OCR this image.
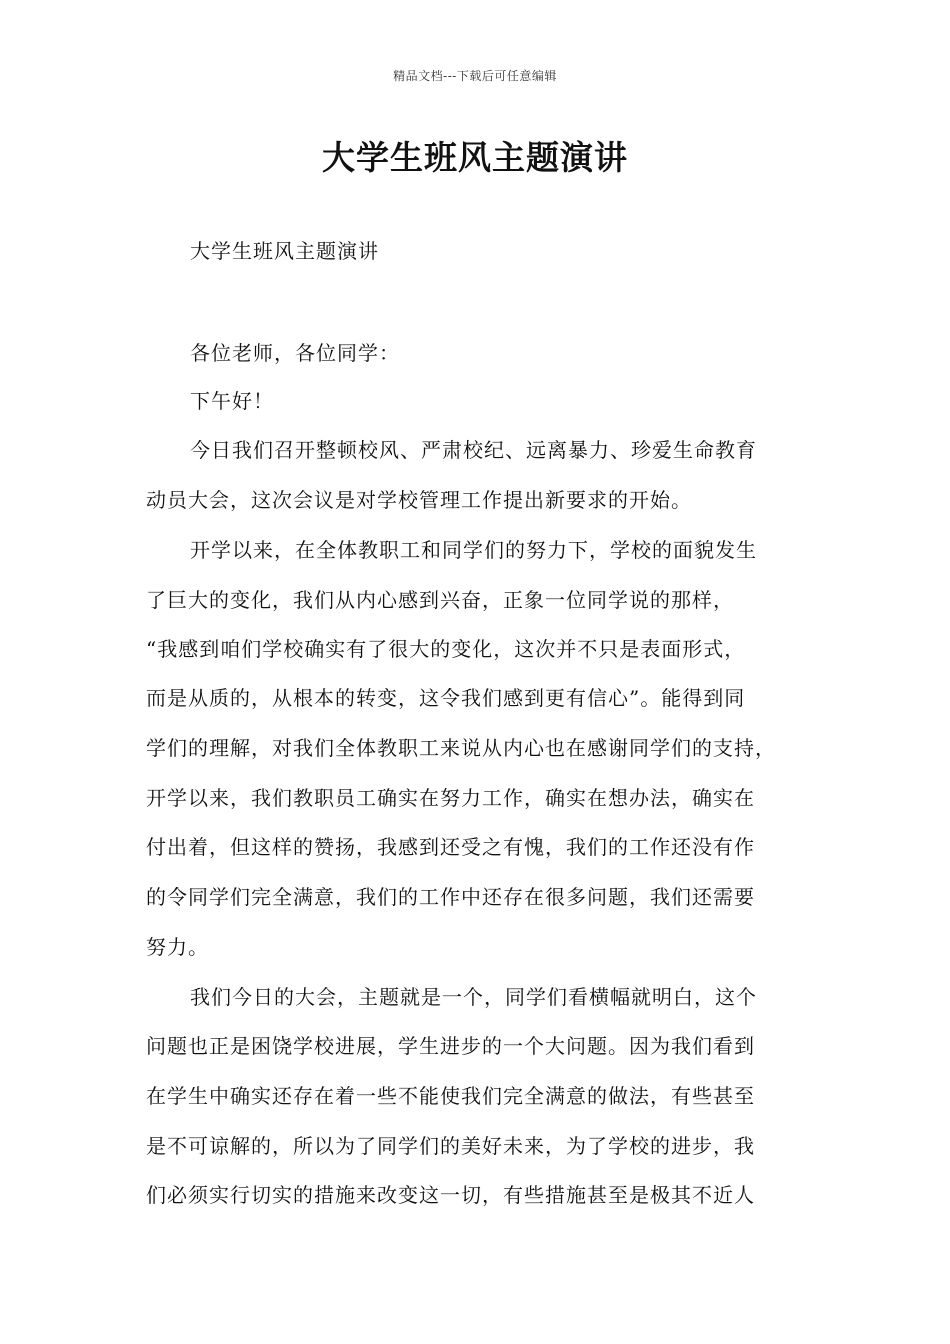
精品文档---下载后可任意编辑
大学生班风主题演讲
大学生班风主题演讲
各位老师，各位同学：
下午好！
今日我们召开整顿校风、严肃校纪、远离暴力、珍爱生命教育
动员大会，这次会议是对学校管理工作提出新要求的开始。
开学以来，在全体教职工和同学们的努力下，学校的面貌发生
了巨大的变化，我们从内心感到兴奋，正象一位同学说的那样，
“我感到咱们学校确实有了很大的变化，这次并不只是表面形式，
而是从质的，从根本的转变，这令我们感到更有信心”。能得到同
学们的理解，对我们全体教职工来说从内心也在感谢同学们的支持，
开学以来，我们教职员工确实在努力工作，确实在想办法，确实在
付出着，但这样的赞扬，我感到还受之有愧，我们的工作还没有作
的令同学们完全满意，我们的工作中还存在很多问题，我们还需要
努力。
我们今日的大会，主题就是一个，同学们看横幅就明白，这个
问题也正是困饶学校进展，学生进步的一个大问题。因为我们看到
在学生中确实还存在着一些不能使我们完全满意的做法，有些甚至
是不可谅解的，所以为了同学们的美好未来，为了学校的进步，我
们必须实行切实的措施来改变这一切，有些措施甚至是极其不近人
